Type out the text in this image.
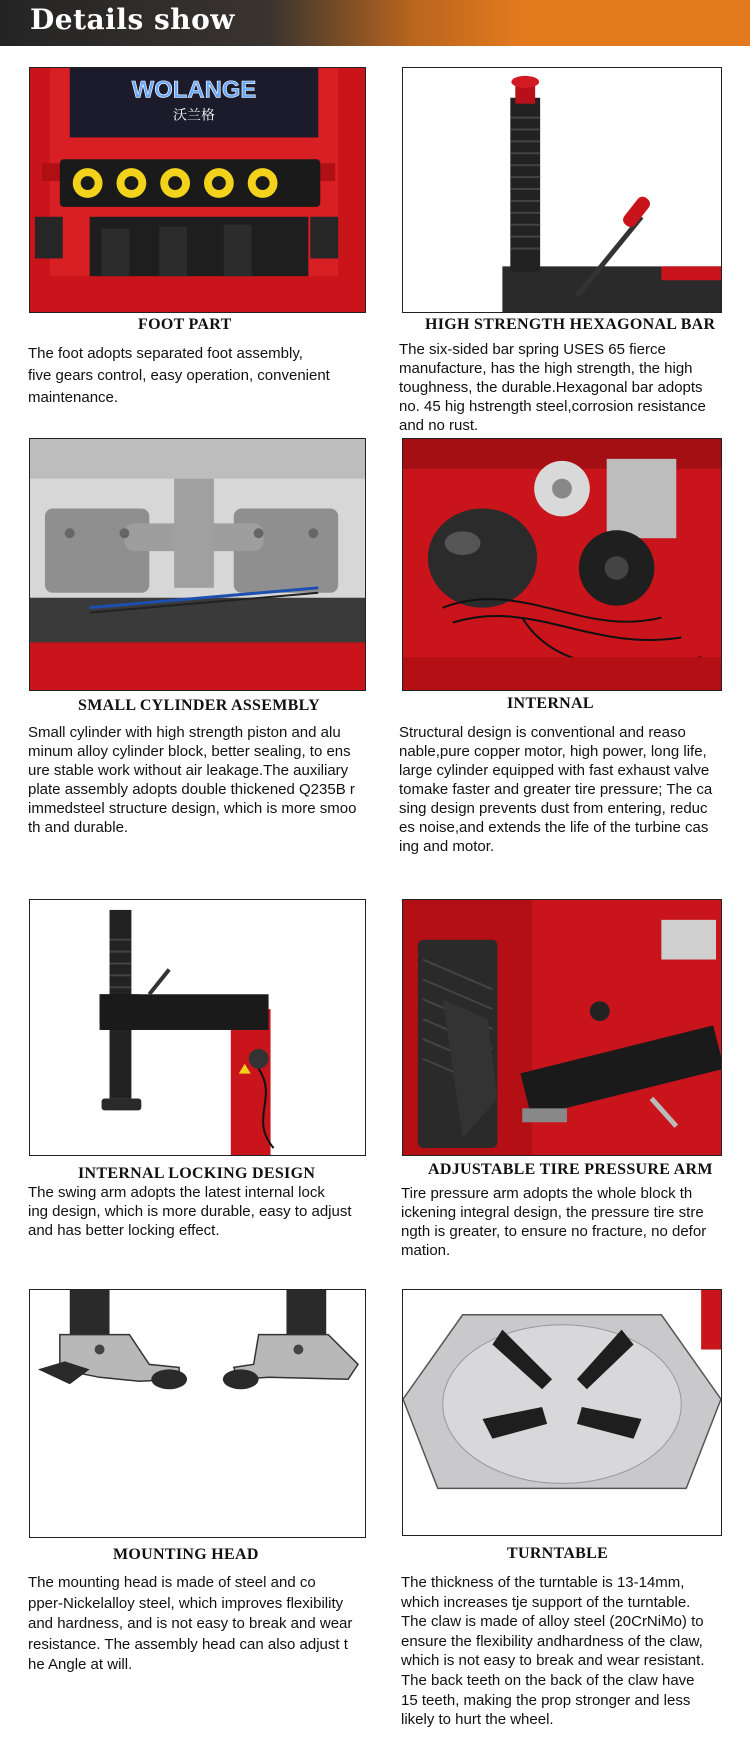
Details show
WOLANGE
沃兰格
FOOT PART
The foot adopts separated foot assembly,
five gears control, easy operation, convenient
maintenance.
HIGH STRENGTH HEXAGONAL BAR
The six-sided bar spring USES 65 fierce
manufacture, has the high strength, the high
toughness, the durable.Hexagonal bar adopts
no. 45 hig hstrength steel,corrosion resistance
and no rust.
SMALL CYLINDER ASSEMBLY
Small cylinder with high strength piston and alu
minum alloy cylinder block, better sealing, to ens
ure stable work without air leakage.The auxiliary
plate assembly adopts double thickened Q235B r
immedsteel structure design, which is more smoo
th and durable.
INTERNAL
Structural design is conventional and reaso
nable,pure copper motor, high power, long life,
large cylinder equipped with fast exhaust valve
tomake faster and greater tire pressure; The ca
sing design prevents dust from entering, reduc
es noise,and extends the life of the turbine cas
ing and motor.
INTERNAL LOCKING DESIGN
The swing arm adopts the latest internal lock
ing design, which is more durable, easy to adjust
and has better locking effect.
ADJUSTABLE TIRE PRESSURE ARM
Tire pressure arm adopts the whole block th
ickening integral design, the pressure tire stre
ngth is greater, to ensure no fracture, no defor
mation.
MOUNTING HEAD
The mounting head is made of steel and co
pper-Nickelalloy steel, which improves flexibility
and hardness, and is not easy to break and wear
resistance. The assembly head can also adjust t
he Angle at will.
TURNTABLE
The thickness of the turntable is 13-14mm,
which increases tje support of the turntable.
The claw is made of alloy steel (20CrNiMo) to
ensure the flexibility andhardness of the claw,
which is not easy to break and wear resistant.
The back teeth on the back of the claw have
15 teeth, making the prop stronger and less
likely to hurt the wheel.
